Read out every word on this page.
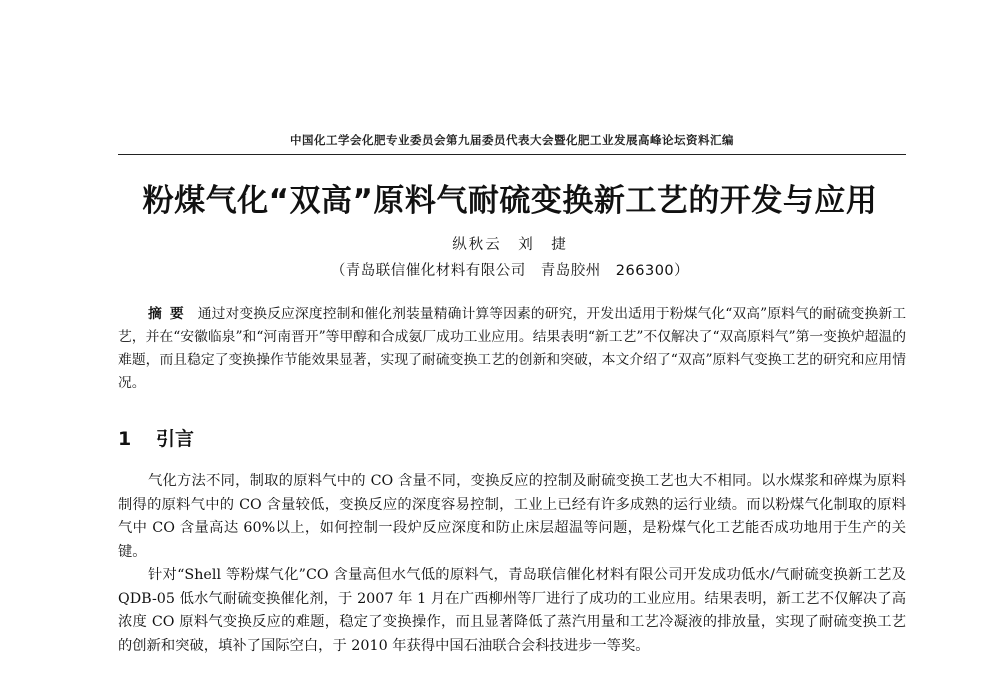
中国化工学会化肥专业委员会第九届委员代表大会暨化肥工业发展高峰论坛资料汇编
粉煤气化“双高”原料气耐硫变换新工艺的开发与应用
纵秋云　刘　捷
（青岛联信催化材料有限公司　青岛胶州　266300）
摘要 通过对变换反应深度控制和催化剂装量精确计算等因素的研究，开发出适用于粉煤气化“双高”原料气的耐硫变换新工艺，并在“安徽临泉”和“河南晋开”等甲醇和合成氨厂成功工业应用。结果表明“新工艺”不仅解决了“双高原料气”第一变换炉超温的难题，而且稳定了变换操作节能效果显著，实现了耐硫变换工艺的创新和突破，本文介绍了“双高”原料气变换工艺的研究和应用情况。
1 引言
气化方法不同，制取的原料气中的 CO 含量不同，变换反应的控制及耐硫变换工艺也大不相同。以水煤浆和碎煤为原料制得的原料气中的 CO 含量较低，变换反应的深度容易控制，工业上已经有许多成熟的运行业绩。而以粉煤气化制取的原料气中 CO 含量高达 60%以上，如何控制一段炉反应深度和防止床层超温等问题，是粉煤气化工艺能否成功地用于生产的关键。
针对“Shell 等粉煤气化”CO 含量高但水气低的原料气，青岛联信催化材料有限公司开发成功低水/气耐硫变换新工艺及 QDB-05 低水气耐硫变换催化剂，于 2007 年 1 月在广西柳州等厂进行了成功的工业应用。结果表明，新工艺不仅解决了高浓度 CO 原料气变换反应的难题，稳定了变换操作，而且显著降低了蒸汽用量和工艺冷凝液的排放量，实现了耐硫变换工艺的创新和突破，填补了国际空白，于 2010 年获得中国石油联合会科技进步一等奖。
